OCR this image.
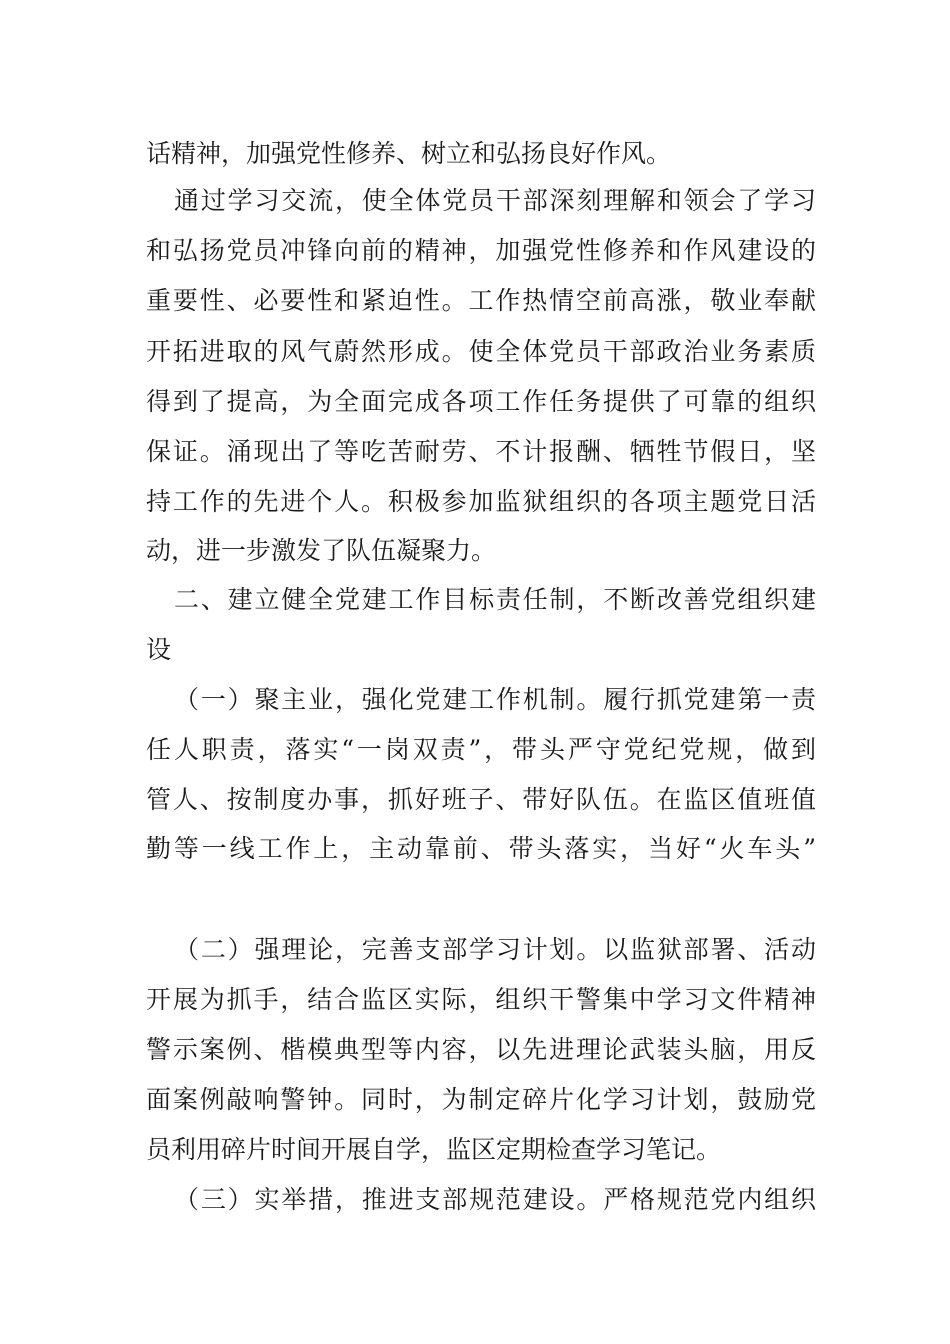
话精神，加强党性修养、树立和弘扬良好作风。
通过学习交流，使全体党员干部深刻理解和领会了学习
和弘扬党员冲锋向前的精神，加强党性修养和作风建设的
重要性、必要性和紧迫性。工作热情空前高涨，敬业奉献
开拓进取的风气蔚然形成。使全体党员干部政治业务素质
得到了提高，为全面完成各项工作任务提供了可靠的组织
保证。涌现出了等吃苦耐劳、不计报酬、牺牲节假日，坚
持工作的先进个人。积极参加监狱组织的各项主题党日活
动，进一步激发了队伍凝聚力。
二、建立健全党建工作目标责任制，不断改善党组织建
设
（一）聚主业，强化党建工作机制。履行抓党建第一责
任人职责，落实“一岗双责”，带头严守党纪党规，做到
管人、按制度办事，抓好班子、带好队伍。在监区值班值
勤等一线工作上，主动靠前、带头落实，当好“火车头”
（二）强理论，完善支部学习计划。以监狱部署、活动
开展为抓手，结合监区实际，组织干警集中学习文件精神
警示案例、楷模典型等内容，以先进理论武装头脑，用反
面案例敲响警钟。同时，为制定碎片化学习计划，鼓励党
员利用碎片时间开展自学，监区定期检查学习笔记。
（三）实举措，推进支部规范建设。严格规范党内组织
